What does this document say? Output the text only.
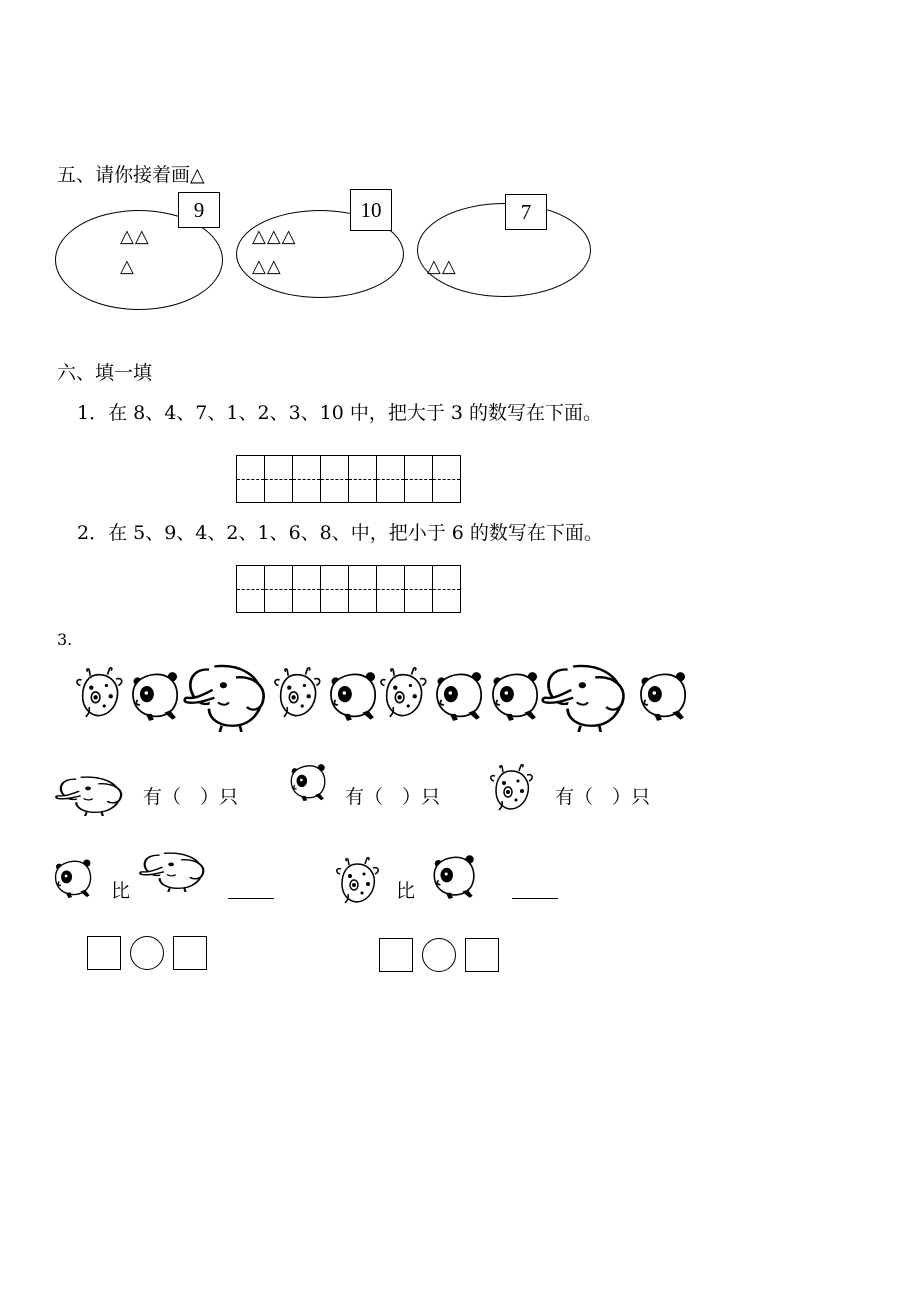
五、请你接着画△
9
△△
△
10
△△△
△△
7
△△
六、填一填
1．在 8、4、7、1、2、3、10 中，把大于 3 的数写在下面。
2．在 5、9、4、2、1、6、8、中，把小于 6 的数写在下面。
3.
有（　）只	有（　）只	有（　）只
比	比
